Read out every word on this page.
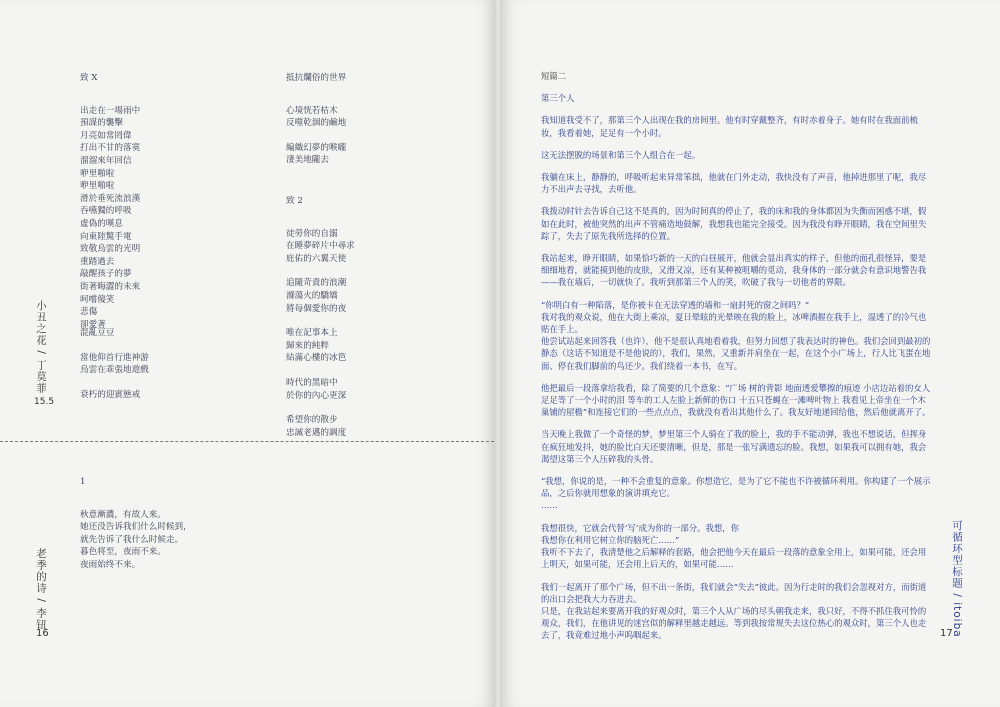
致 X
出走在一場雨中
預謀的襲擊
月亮如常罔偉
打出不甘的落寞
溜溜來年回信
咿里啪啦
咿里啪啦
滑於垂死流浪漢
吞嚥獨的呼吸
虛偽的嘆息
向東陸驚手電
致敬烏雲的光明
重踏過去
敲醒孩子的夢
街著晦澀的未來
呵嚐傻笑
悲傷
卻愛著
混亂豆豆
當他仰首行進神游
烏雲在乖張地遊戲
衰朽的迎賓態戒
抵抗爛俗的世界
心境恍若枯木
反噬乾涸的鹼地
編織幻夢的喉嚨
淒美地隴去
致 2
徒勞你的自溺
在睡夢碎片中尋求
庇佑的六翼天使
追隨苛責的浪潮
滌蕩火的驕矯
將每個愛你的夜
唯在記事本上
歸來的純粹
結滿心樓的冰笆
時代的黑暗中
於你的內心更深
希望你的散步
忠誠老邁的調度
小丑之花 / 丁莫菲
15.5
1
秋意漸濃，有故人來。
她还没告诉我们什么时候到，
就先告诉了我什么时候走。
暮色将至，夜雨不来。
夜雨始终不来。
老季的诗 / 李钮
16	17
短篇二
第三个人

我知道我受不了，那第三个人出现在我的房间里。他有时穿戴整齐，有时赤着身子。她有时在我面前梳妆，我看着她，足足有一个小时。

这无法摆脱的场景和第三个人组合在一起。

我躺在床上，静静的，呼吸听起来异常笨拙，他就在门外走动，我快没有了声音，他掉进那里了呢，我尽力不出声去寻找，去听他。

我拨动时针去告诉自己这不是真的，因为时间真的停止了，我的床和我的身体都因为失衡而困惑不堪，假如在此时，被他突然的出声不管痛造地鼓解，我想我也能完全接受。因为我没有睁开眼睛，我在空间里失踪了，失去了原先我所选择的位置。

我站起来，睁开眼睛，如果恰巧新的一天的白昼展开，他就会显出真实的样子，但他的面孔很怪异，要是细细地看，就能摸到他的皮肤，又滑又凉，还有某种被咀嚼的觅动，我身体的一部分就会有意识地警告我——我在墙后，一切就快了。我听到那第三个人的笑，吹破了我与一切他者的界限。

“你明白有一种陷落，是你被卡在无法穿透的墙和一扇封死的窗之间吗？”
我对我的观众说，他在大街上乘凉，夏日晕眩的光晕映在我的脸上，冰啤酒握在我手上，湿透了的冷气也贴在手上。
他尝试站起来回答我（也许），他不是很认真地看着我，但努力回想了我表达时的神色。我们会回到最初的静态（这话不知道是不是他说的），我们，果然，又重新并肩坐在一起，在这个小广场上，行人比飞蛋在地面、停在我们脚前的鸟还少。我们绕着一本书，在写。

他把最后一段落拿给我看，除了简要的几个意象：“广场 树的背影 地面透爱攀擦的痕迹 小店边站着的女人足足等了一个小时的泪 等车的工人左脸上新鲜的伤口 十五只苍蝇在一滩啤叶物上 我看见上帝坐在一个木巢铺的屋檐”和连接它们的一些点点点，我就没有看出其他什么了。我友好地递回给他，然后他就离开了。

当天晚上我做了一个奇怪的梦，梦里第三个人骑在了我的脸上，我的手不能动弹，我也不想说话，但挥身在疯狂地发抖，她的脸比白天还要清晰，但是，那是一张写满遗忘的脸。我想，如果我可以拥有她，我会渴望这第三个人压碎我的头骨。

“我想，你说的是，一种不会重复的意象。你想造它，是为了它不能也不许被循环利用。你构建了一个展示品，之后你就用想象的演讲填充它。
……

我想很快，它就会代替‘写’成为你的一部分。我想，你
我想你在利用它树立你的脑死亡……”
我听不下去了，我清楚他之后解释的套路，他会把他今天在最后一段落的意象全用上，如果可能，还会用上明天，如果可能，还会用上后天的，如果可能……

我们一起离开了那个广场，但不出一条街，我们就会“失去”彼此。因为行走时的我们会忽视对方，而街道的出口会把我大力吞进去。
只是，在我站起来要离开我的好观众时，第三个人从广场的尽头朝我走来，我只好，不得不抓住我可怜的观众，我们，在他讲见的迷宫似的解释里越走越远。等到我按常规失去这位热心的观众时，第三个人也走去了，我竟难过地小声呜咽起来。	可循环型标题 / itoiba
